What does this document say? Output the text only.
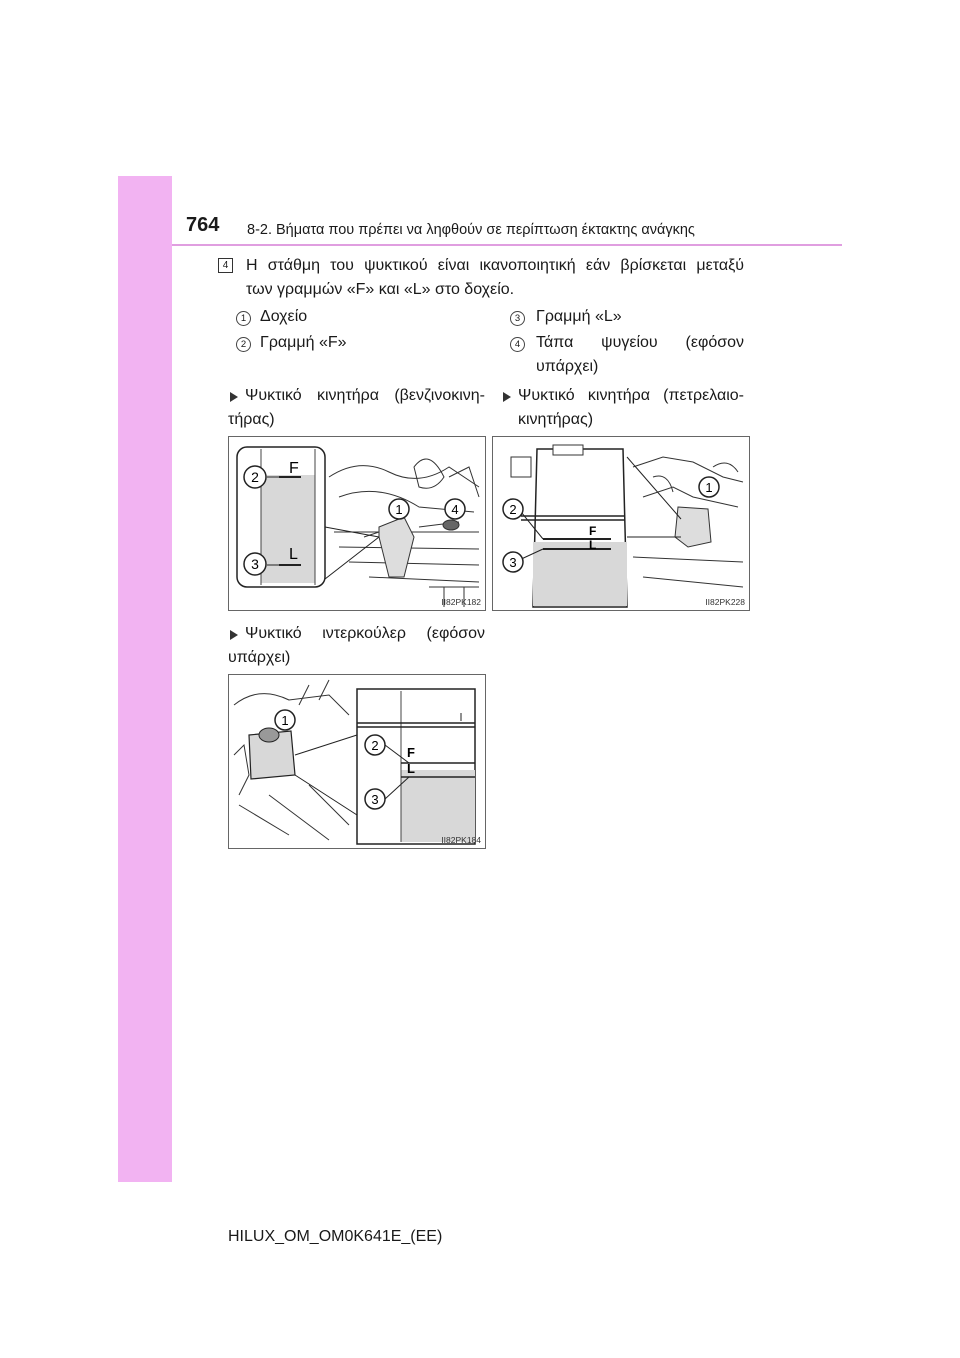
764 8-2. Βήματα που πρέπει να ληφθούν σε περίπτωση έκτακτης ανάγκης
4 Η στάθμη του ψυκτικού είναι ικανοποιητική εάν βρίσκεται μεταξύ
των γραμμών «F» και «L» στο δοχείο.
1 Δοχείο
2 Γραμμή «F»
3 Γραμμή «L»
4 Τάπα ψυγείου (εφόσον
υπάρχει)
Ψυκτικό κινητήρα (βενζινοκινη-
τήρας)
Ψυκτικό κινητήρα (πετρελαιο-
κινητήρας)
F
L
2
3
1	4
II82PK182
F
L
2
3
1
II82PK228
Ψυκτικό ιντερκούλερ (εφόσον
υπάρχει)
F
L
1
2
3
II82PK184
HILUX_OM_OM0K641E_(EE)
